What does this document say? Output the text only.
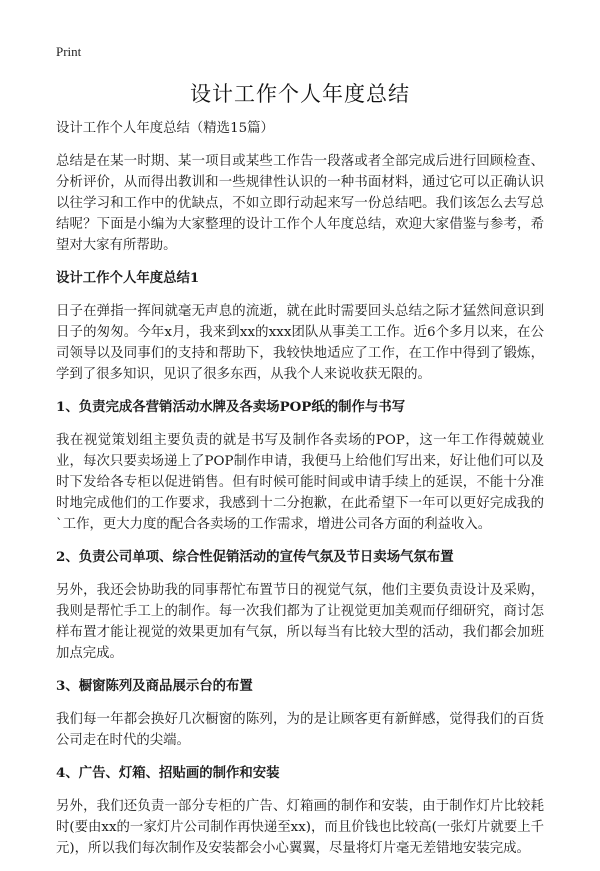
Print
设计工作个人年度总结
设计工作个人年度总结（精选15篇）

总结是在某一时期、某一项目或某些工作告一段落或者全部完成后进行回顾检查、分析评价，从而得出教训和一些规律性认识的一种书面材料，通过它可以正确认识以往学习和工作中的优缺点，不如立即行动起来写一份总结吧。我们该怎么去写总结呢？下面是小编为大家整理的设计工作个人年度总结，欢迎大家借鉴与参考，希望对大家有所帮助。

设计工作个人年度总结1

日子在弹指一挥间就毫无声息的流逝，就在此时需要回头总结之际才猛然间意识到日子的匆匆。今年x月，我来到xx的xxx团队从事美工工作。近6个多月以来，在公司领导以及同事们的支持和帮助下，我较快地适应了工作，在工作中得到了锻炼，学到了很多知识，见识了很多东西，从我个人来说收获无限的。

1、负责完成各营销活动水牌及各卖场POP纸的制作与书写

我在视觉策划组主要负责的就是书写及制作各卖场的POP，这一年工作得兢兢业业，每次只要卖场递上了POP制作申请，我便马上给他们写出来，好让他们可以及时下发给各专柜以促进销售。但有时候可能时间或申请手续上的延误，不能十分准时地完成他们的工作要求，我感到十二分抱歉，在此希望下一年可以更好完成我的`工作，更大力度的配合各卖场的工作需求，增进公司各方面的利益收入。

2、负责公司单项、综合性促销活动的宣传气氛及节日卖场气氛布置

另外，我还会协助我的同事帮忙布置节日的视觉气氛，他们主要负责设计及采购，我则是帮忙手工上的制作。每一次我们都为了让视觉更加美观而仔细研究，商讨怎样布置才能让视觉的效果更加有气氛，所以每当有比较大型的活动，我们都会加班加点完成。

3、橱窗陈列及商品展示台的布置

我们每一年都会换好几次橱窗的陈列，为的是让顾客更有新鲜感，觉得我们的百货公司走在时代的尖端。

4、广告、灯箱、招贴画的制作和安装

另外，我们还负责一部分专柜的广告、灯箱画的制作和安装，由于制作灯片比较耗时(要由xx的一家灯片公司制作再快递至xx)，而且价钱也比较高(一张灯片就要上千元)，所以我们每次制作及安装都会小心翼翼，尽量将灯片毫无差错地安装完成。
